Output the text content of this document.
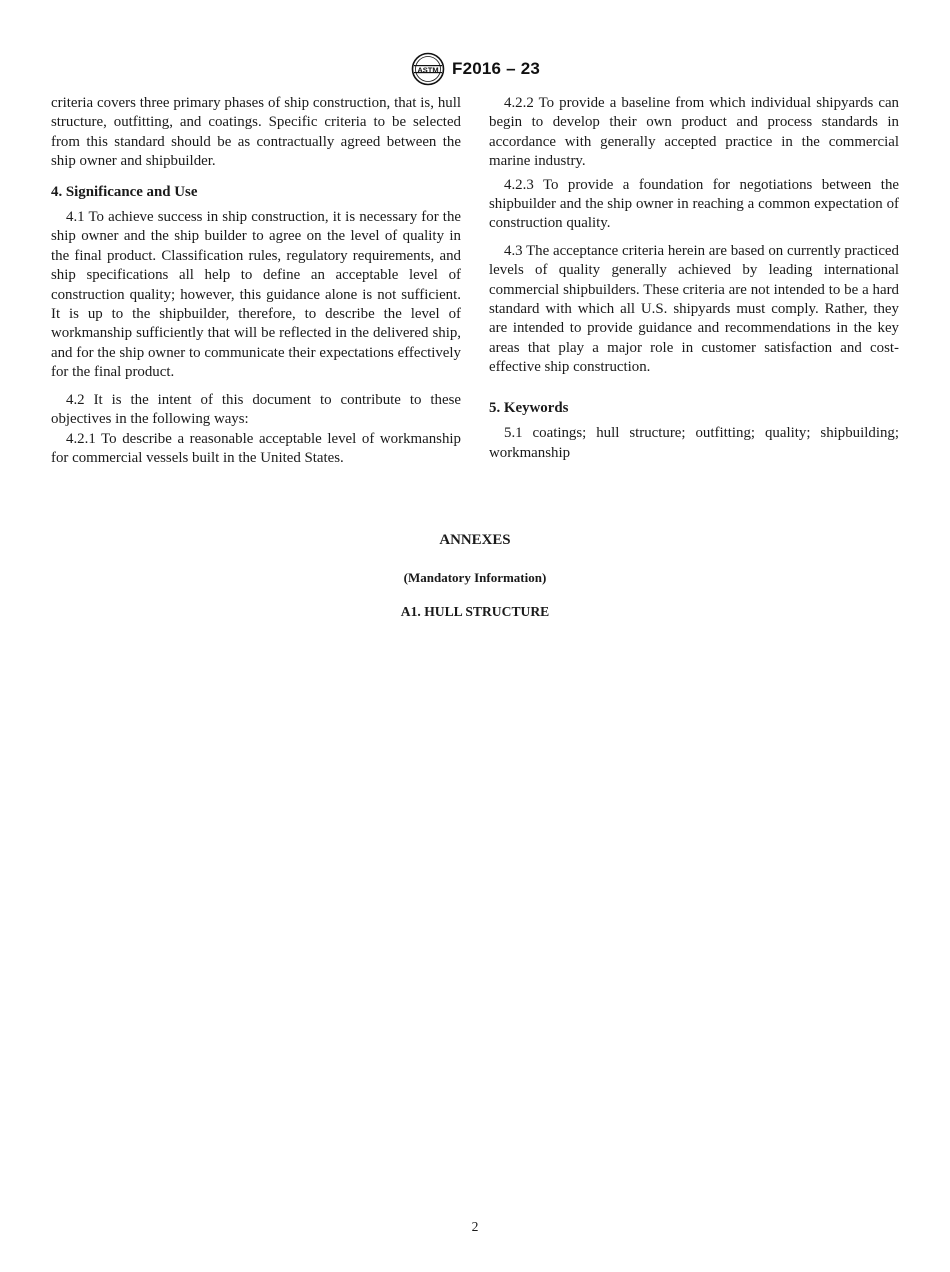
ASTM F2016 – 23

criteria covers three primary phases of ship construction, that is, hull structure, outfitting, and coatings. Specific criteria to be selected from this standard should be as contractually agreed between the ship owner and shipbuilder.

4. Significance and Use

4.1 To achieve success in ship construction, it is necessary for the ship owner and the ship builder to agree on the level of quality in the final product. Classification rules, regulatory requirements, and ship specifications all help to define an acceptable level of construction quality; however, this guidance alone is not sufficient. It is up to the shipbuilder, therefore, to describe the level of workmanship sufficiently that will be reflected in the delivered ship, and for the ship owner to communicate their expectations effectively for the final product.

4.2 It is the intent of this document to contribute to these objectives in the following ways:

4.2.1 To describe a reasonable acceptable level of workmanship for commercial vessels built in the United States.

4.2.2 To provide a baseline from which individual shipyards can begin to develop their own product and process standards in accordance with generally accepted practice in the commercial marine industry.

4.2.3 To provide a foundation for negotiations between the shipbuilder and the ship owner in reaching a common expectation of construction quality.

4.3 The acceptance criteria herein are based on currently practiced levels of quality generally achieved by leading international commercial shipbuilders. These criteria are not intended to be a hard standard with which all U.S. shipyards must comply. Rather, they are intended to provide guidance and recommendations in the key areas that play a major role in customer satisfaction and cost-effective ship construction.

5. Keywords

5.1 coatings; hull structure; outfitting; quality; shipbuilding; workmanship

ANNEXES
(Mandatory Information)
A1. HULL STRUCTURE
2
